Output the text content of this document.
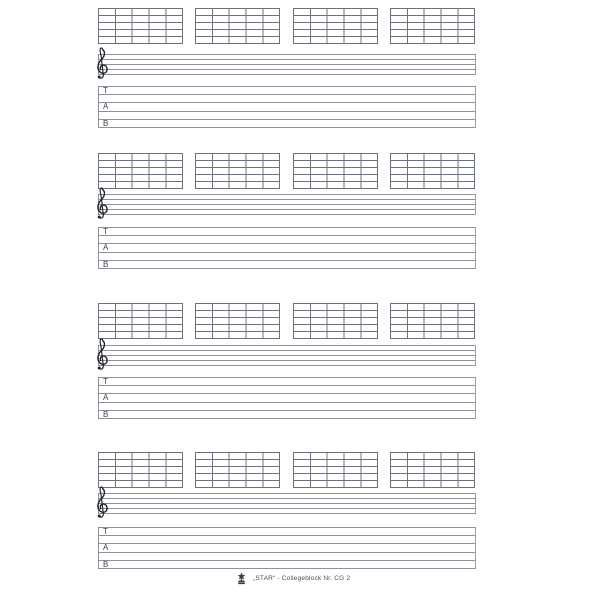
T
A
B
T
A
B
T
A
B
T
A
B
„STAR“ - Collegeblock Nr. CG 2
